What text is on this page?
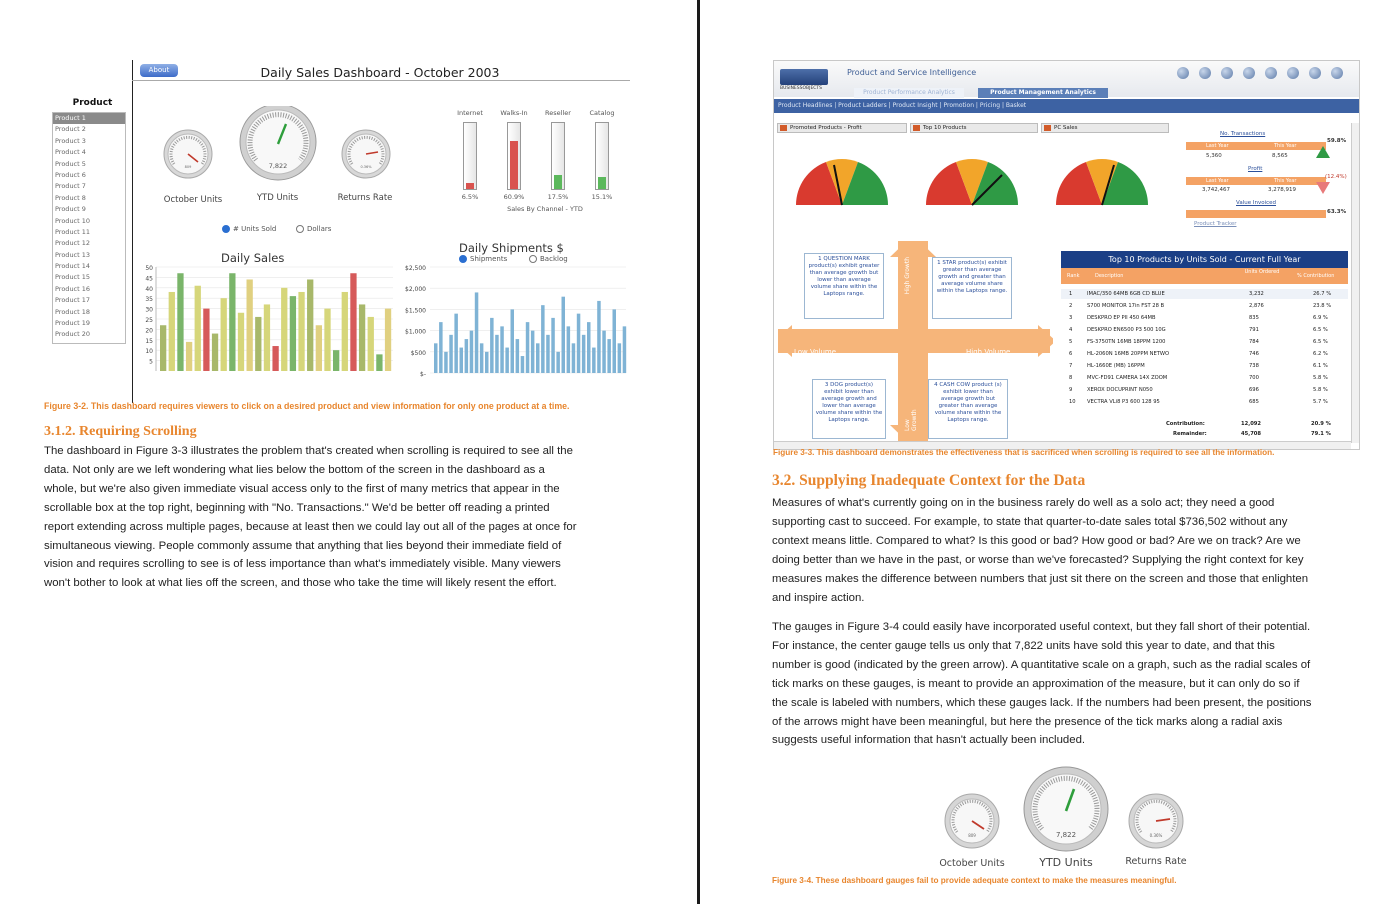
About	Daily Sales Dashboard - October 2003
Product
Product 1
Product 2
Product 3
Product 4
Product 5
Product 6
Product 7
Product 8
Product 9
Product 10
Product 11
Product 12
Product 13
Product 14
Product 15
Product 16
Product 17
Product 18
Product 19
Product 20
809	7,822	0.36%
October Units	YTD Units	Returns Rate
Internet
6.5%
Walks-In
60.9%
Reseller
17.5%
Catalog
15.1%
Sales By Channel - YTD
# Units Sold	Dollars
Daily Sales
50
45
40
35
30
25
20
15
10
5
Daily Shipments $
Shipments	Backlog
$2,500
$2,000
$1,500
$1,000
$500
$-
Figure 3-2. This dashboard requires viewers to click on a desired product and view information for only one product at a time.
3.1.2. Requiring Scrolling
The dashboard in Figure 3-3 illustrates the problem that's created when scrolling is required to see all the
data. Not only are we left wondering what lies below the bottom of the screen in the dashboard as a
whole, but we're also given immediate visual access only to the first of many metrics that appear in the
scrollable box at the top right, beginning with "No. Transactions." We'd be better off reading a printed
report extending across multiple pages, because at least then we could lay out all of the pages at once for
simultaneous viewing. People commonly assume that anything that lies beyond their immediate field of
vision and requires scrolling to see is of less importance than what's immediately visible. Many viewers
won't bother to look at what lies off the screen, and those who take the time will likely resent the effort.
BUSINESSOBJECTS
Product and Service Intelligence
Product Performance Analytics	Product Management Analytics
Product Headlines | Product Ladders | Product Insight | Promotion | Pricing | Basket
Promoted Products - Profit	Top 10 Products	PC Sales
No. Transactions
Last Year	This Year
5,360	8,565
59.8%
Profit
Last Year	This Year
3,742,467	3,278,919
(12.4%)
Value Invoiced
63.3%
Product Tracker
Low Volume	High Volume
High Growth
Low Growth
1 QUESTION MARK product(s) exhibit greater than average growth but lower than average volume share within the Laptops range.
1 STAR product(s) exhibit greater than average growth and greater than average volume share within the Laptops range.
3 DOG product(s) exhibit lower than average growth and lower than average volume share within the Laptops range.
4 CASH COW product (s) exhibit lower than average growth but greater than average volume share within the Laptops range.
Top 10 Products by Units Sold - Current Full Year
Rank	Description
Units Ordered
% Contribution
1	IMAC/350 64MB 6GB CD BLUE	3,232	26.7 %
2	S700 MONITOR 17in FST 28 B	2,876	23.8 %
3	DESKPRO EP PII 450 64MB	835	6.9 %
4	DESKPRO EN6500 P3 500 10G	791	6.5 %
5	FS-3750TN 16MB 18PPM 1200	784	6.5 %
6	HL-2060N 16MB 20PPM NETWO	746	6.2 %
7	HL-1660E (MB) 16PPM	738	6.1 %
8	MVC-FD91 CAMERA 14X ZOOM	700	5.8 %
9	XEROX DOCUPRINT N050	696	5.8 %
10 VECTRA VLi8 P3 600 128 95	685	5.7 %
Contribution:	12,092	20.9 %
Remainder:	45,708	79.1 %
Figure 3-3. This dashboard demonstrates the effectiveness that is sacrificed when scrolling is required to see all the information.
3.2. Supplying Inadequate Context for the Data
Measures of what's currently going on in the business rarely do well as a solo act; they need a good
supporting cast to succeed. For example, to state that quarter-to-date sales total $736,502 without any
context means little. Compared to what? Is this good or bad? How good or bad? Are we on track? Are we
doing better than we have in the past, or worse than we've forecasted? Supplying the right context for key
measures makes the difference between numbers that just sit there on the screen and those that enlighten
and inspire action.
The gauges in Figure 3-4 could easily have incorporated useful context, but they fall short of their potential.
For instance, the center gauge tells us only that 7,822 units have sold this year to date, and that this
number is good (indicated by the green arrow). A quantitative scale on a graph, such as the radial scales of
tick marks on these gauges, is meant to provide an approximation of the measure, but it can only do so if
the scale is labeled with numbers, which these gauges lack. If the numbers had been present, the positions
of the arrows might have been meaningful, but here the presence of the tick marks along a radial axis
suggests useful information that hasn't actually been included.
809	7,822	0.36%
October Units	YTD Units	Returns Rate
Figure 3-4. These dashboard gauges fail to provide adequate context to make the measures meaningful.
